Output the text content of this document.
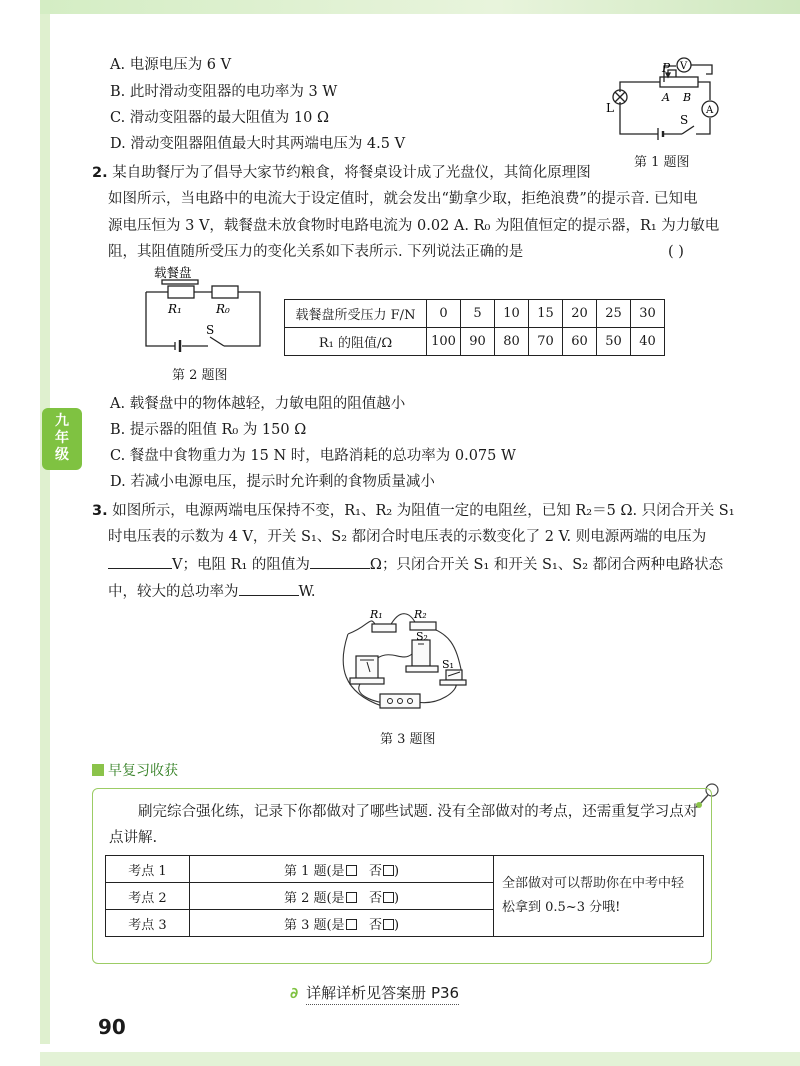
九年级
A. 电源电压为 6 V
B. 此时滑动变阻器的电功率为 3 W
C. 滑动变阻器的最大阻值为 10 Ω
D. 滑动变阻器阻值最大时其两端电压为 4.5 V
L
P
A B
V
A
S
第 1 题图
2. 某自助餐厅为了倡导大家节约粮食，将餐桌设计成了光盘仪，其简化原理图
如图所示，当电路中的电流大于设定值时，就会发出“勤拿少取，拒绝浪费”的提示音. 已知电
源电压恒为 3 V，载餐盘未放食物时电路电流为 0.02 A. R₀ 为阻值恒定的提示器，R₁ 为力敏电
阻，其阻值随所受压力的变化关系如下表所示. 下列说法正确的是	( )
载餐盘
R₁	R₀
S
第 2 题图
载餐盘所受压力 F/N	0	5	10	15	20	25	30
R₁ 的阻值/Ω	100	90	80	70	60	50	40
A. 载餐盘中的物体越轻，力敏电阻的阻值越小
B. 提示器的阻值 R₀ 为 150 Ω
C. 餐盘中食物重力为 15 N 时，电路消耗的总功率为 0.075 W
D. 若减小电源电压，提示时允许剩的食物质量减小
3. 如图所示，电源两端电压保持不变，R₁、R₂ 为阻值一定的电阻丝，已知 R₂＝5 Ω. 只闭合开关 S₁
时电压表的示数为 4 V，开关 S₁、S₂ 都闭合时电压表的示数变化了 2 V. 则电源两端的电压为
V；电阻 R₁ 的阻值为	Ω；只闭合开关 S₁ 和开关 S₁、S₂ 都闭合两种电路状态
中，较大的总功率为	W.
R₁	R₂
S₂
S₁
第 3 题图
早复习收获
刷完综合强化练，记录下你都做对了哪些试题. 没有全部做对的考点，还需重复学习点对点讲解.
考点 1	第 1 题(是 否 )	全部做对可以帮助你在中考中轻松拿到 0.5~3 分哦!
考点 2	第 2 题(是 否 )	
考点 3	第 3 题(是 否 )	
∂ 详解详析见答案册 P36
90
